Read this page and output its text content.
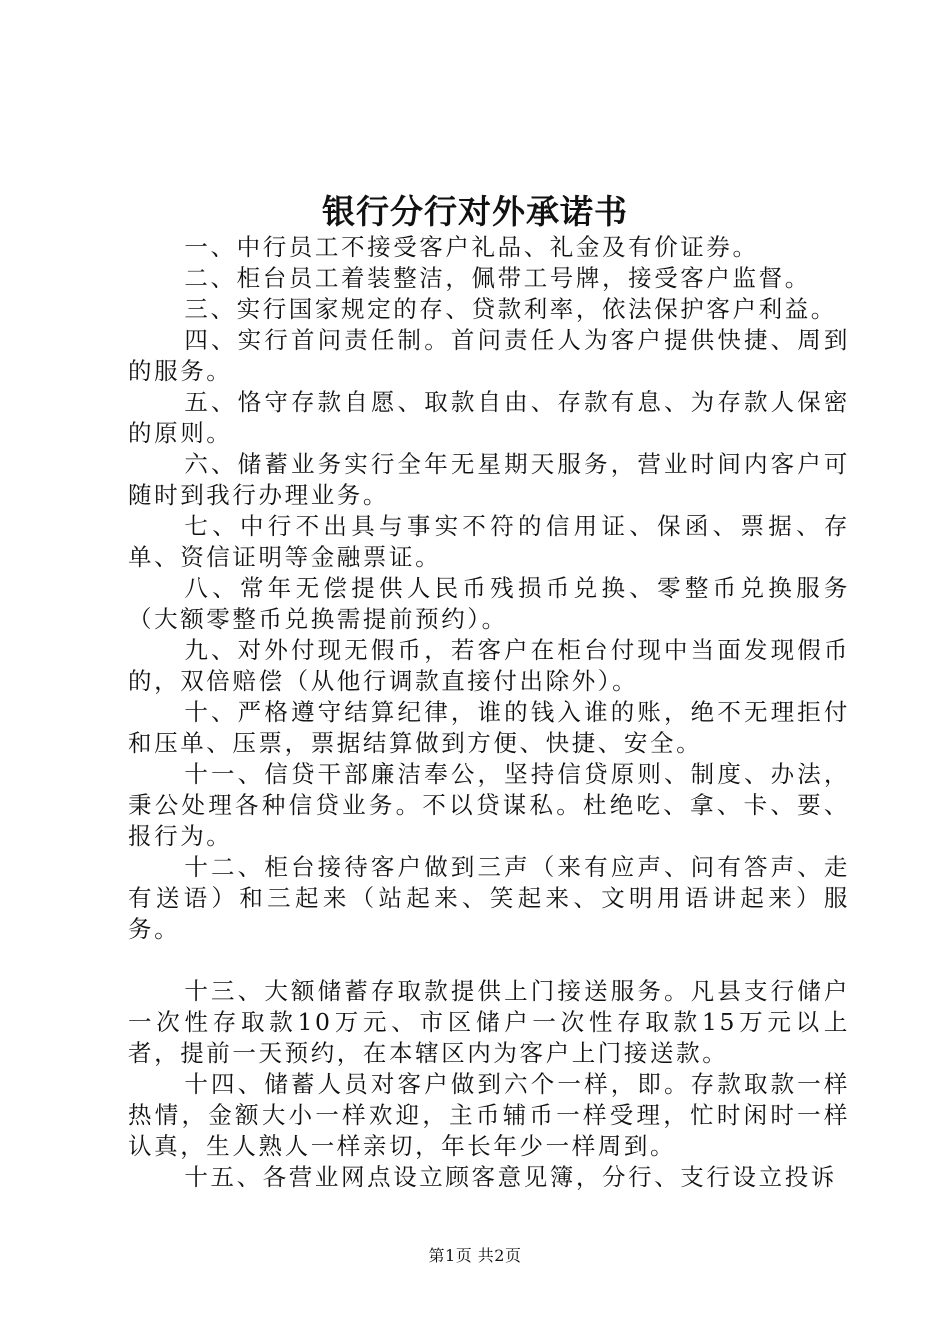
银行分行对外承诺书

一、中行员工不接受客户礼品、礼金及有价证券。

二、柜台员工着装整洁，佩带工号牌，接受客户监督。

三、实行国家规定的存、贷款利率，依法保护客户利益。

四、实行首问责任制。首问责任人为客户提供快捷、周到的服务。

五、恪守存款自愿、取款自由、存款有息、为存款人保密的原则。

六、储蓄业务实行全年无星期天服务，营业时间内客户可随时到我行办理业务。

七、中行不出具与事实不符的信用证、保函、票据、存单、资信证明等金融票证。

八、常年无偿提供人民币残损币兑换、零整币兑换服务（大额零整币兑换需提前预约）。

九、对外付现无假币，若客户在柜台付现中当面发现假币的，双倍赔偿（从他行调款直接付出除外）。

十、严格遵守结算纪律，谁的钱入谁的账，绝不无理拒付和压单、压票，票据结算做到方便、快捷、安全。

十一、信贷干部廉洁奉公，坚持信贷原则、制度、办法，秉公处理各种信贷业务。不以贷谋私。杜绝吃、拿、卡、要、报行为。

十二、柜台接待客户做到三声（来有应声、问有答声、走有送语）和三起来（站起来、笑起来、文明用语讲起来）服务。

十三、大额储蓄存取款提供上门接送服务。凡县支行储户一次性存取款10万元、市区储户一次性存取款15万元以上者，提前一天预约，在本辖区内为客户上门接送款。

十四、储蓄人员对客户做到六个一样，即。存款取款一样热情，金额大小一样欢迎，主币辅币一样受理，忙时闲时一样认真，生人熟人一样亲切，年长年少一样周到。

十五、各营业网点设立顾客意见簿，分行、支行设立投诉

第1页 共2页
